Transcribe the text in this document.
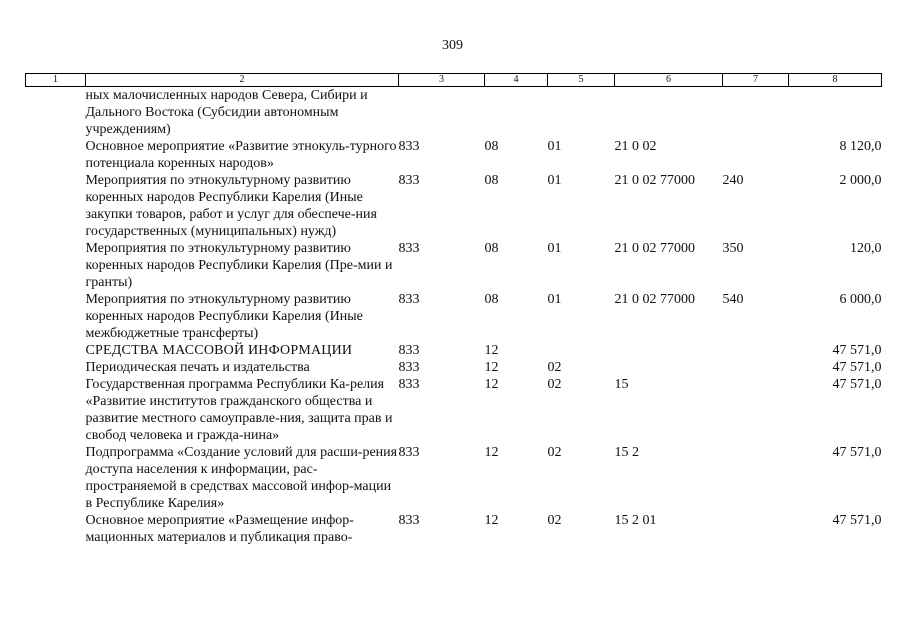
309
1	2	3	4	5	6	7	8
	ных малочисленных народов Севера, Сибири и Дального Востока (Субсидии автономным учреждениям)						
	Основное мероприятие «Развитие этнокуль-турного потенциала коренных народов»	833	08	01	21 0 02		8 120,0
	Мероприятия по этнокультурному развитию коренных народов Республики Карелия (Иные закупки товаров, работ и услуг для обеспече-ния государственных (муниципальных) нужд)	833	08	01	21 0 02 77000	240	2 000,0
	Мероприятия по этнокультурному развитию коренных народов Республики Карелия (Пре-мии и гранты)	833	08	01	21 0 02 77000	350	120,0
	Мероприятия по этнокультурному развитию коренных народов Республики Карелия (Иные межбюджетные трансферты)	833	08	01	21 0 02 77000	540	6 000,0
	СРЕДСТВА МАССОВОЙ ИНФОРМАЦИИ	833	12				47 571,0
	Периодическая печать и издательства	833	12	02			47 571,0
	Государственная программа Республики Ка-релия «Развитие институтов гражданского общества и развитие местного самоуправле-ния, защита прав и свобод человека и гражда-нина»	833	12	02	15		47 571,0
	Подпрограмма «Создание условий для расши-рения доступа населения к информации, рас-пространяемой в средствах массовой инфор-мации в Республике Карелия»	833	12	02	15 2		47 571,0
	Основное мероприятие «Размещение инфор-мационных материалов и публикация право-	833	12	02	15 2 01		47 571,0
